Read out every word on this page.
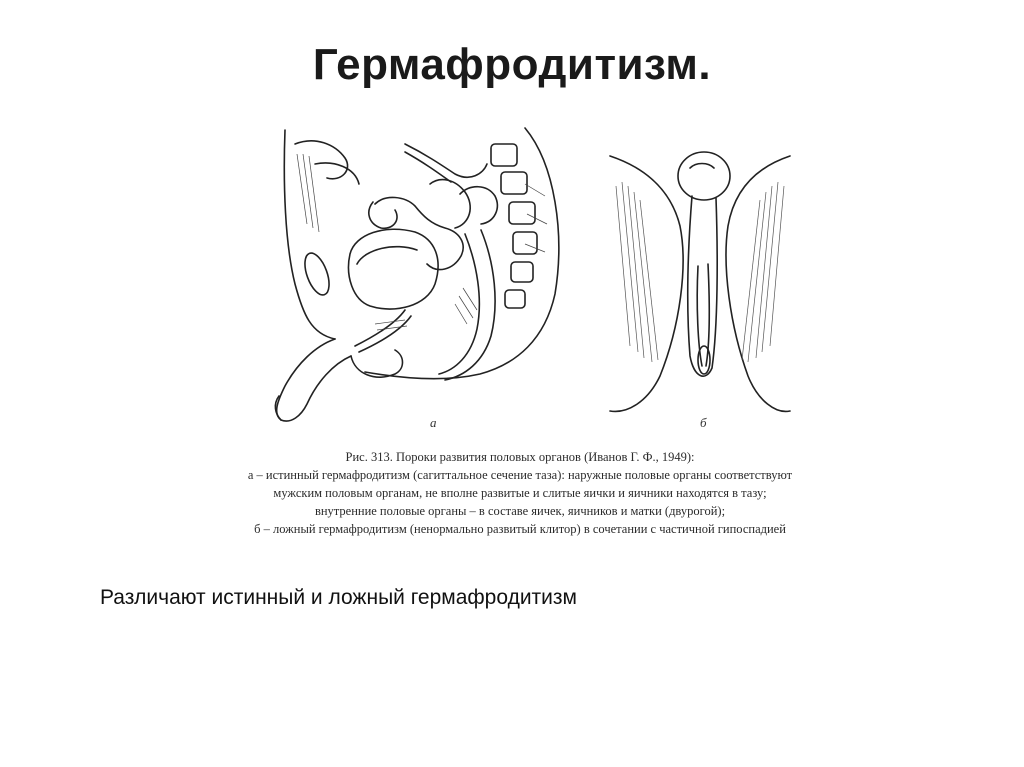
Гермафродитизм.
а	б
Рис. 313. Пороки развития половых органов (Иванов Г. Ф., 1949):
а – истинный гермафродитизм (сагиттальное сечение таза): наружные половые органы соответствуют
мужским половым органам, не вполне развитые и слитые яички и яичники находятся в тазу;
внутренние половые органы – в составе яичек, яичников и матки (двурогой);
б – ложный гермафродитизм (ненормально развитый клитор) в сочетании с частичной гипоспадией
Различают истинный и ложный гермафродитизм
